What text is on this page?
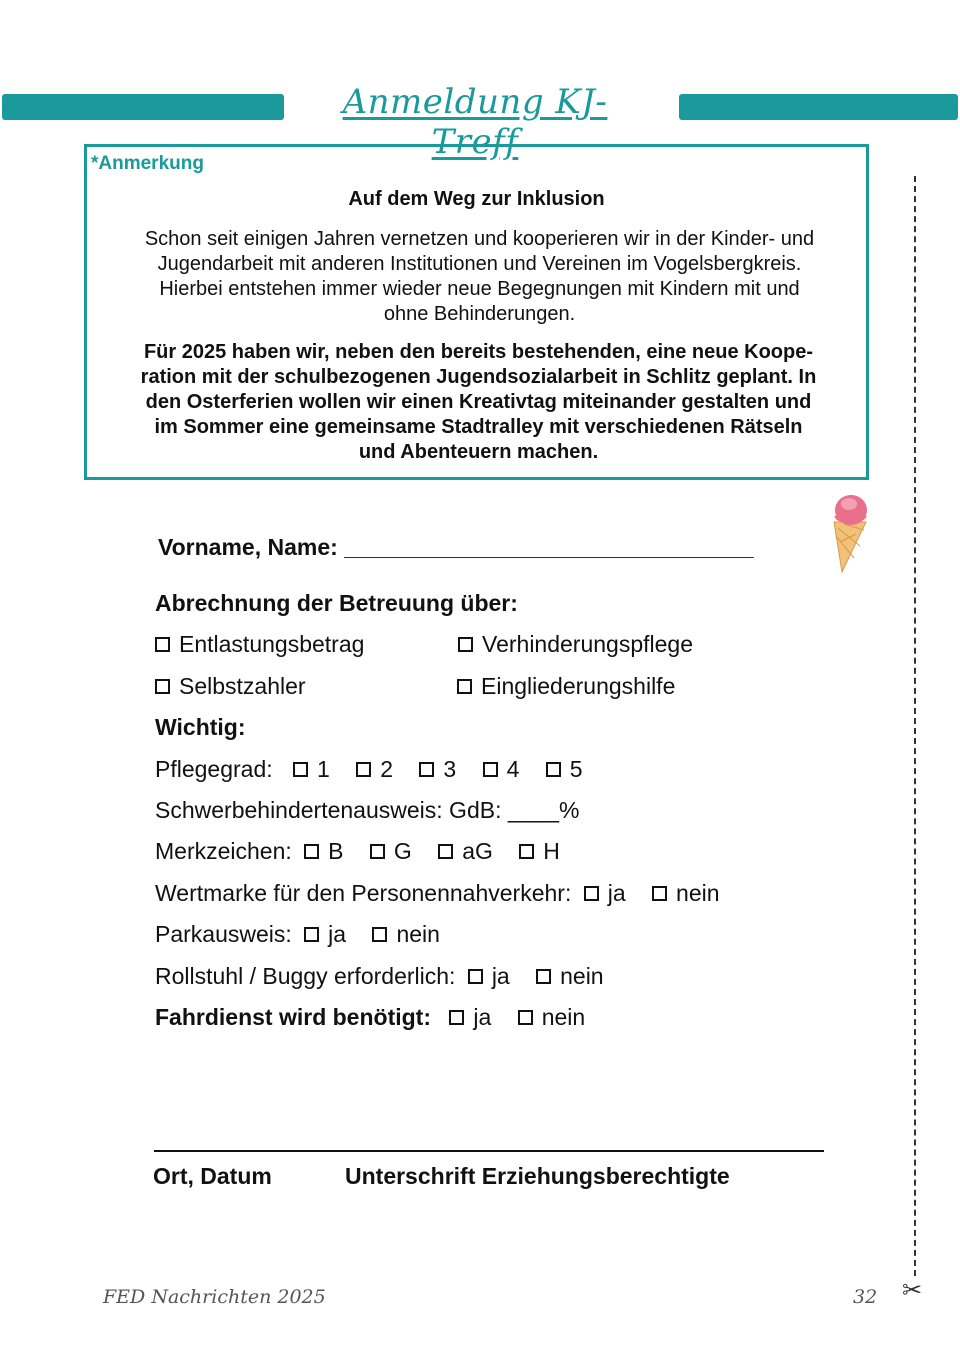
Anmeldung KJ-Treff
*Anmerkung
Auf dem Weg zur Inklusion
Schon seit einigen Jahren vernetzen und kooperieren wir in der Kinder- und
Jugendarbeit mit anderen Institutionen und Vereinen im Vogelsbergkreis.
Hierbei entstehen immer wieder neue Begegnungen mit Kindern mit und
ohne Behinderungen.
Für 2025 haben wir, neben den bereits bestehenden, eine neue Koope-
ration mit der schulbezogenen Jugendsozialarbeit in Schlitz geplant. In
den Osterferien wollen wir einen Kreativtag miteinander gestalten und
im Sommer eine gemeinsame Stadtralley mit verschiedenen Rätseln
und Abenteuern machen.
Vorname, Name: ________________________________
Abrechnung der Betreuung über:
Entlastungsbetrag	Verhinderungspflege
Selbstzahler	Eingliederungshilfe
Wichtig:
Pflegegrad: 1 2 3 4 5
Schwerbehindertenausweis: GdB: ____%
Merkzeichen: B G aG H
Wertmarke für den Personennahverkehr: ja nein
Parkausweis: ja nein
Rollstuhl / Buggy erforderlich: ja nein
Fahrdienst wird benötigt: ja nein
Ort, Datum	Unterschrift Erziehungsberechtigte
✂
FED Nachrichten 2025	32
